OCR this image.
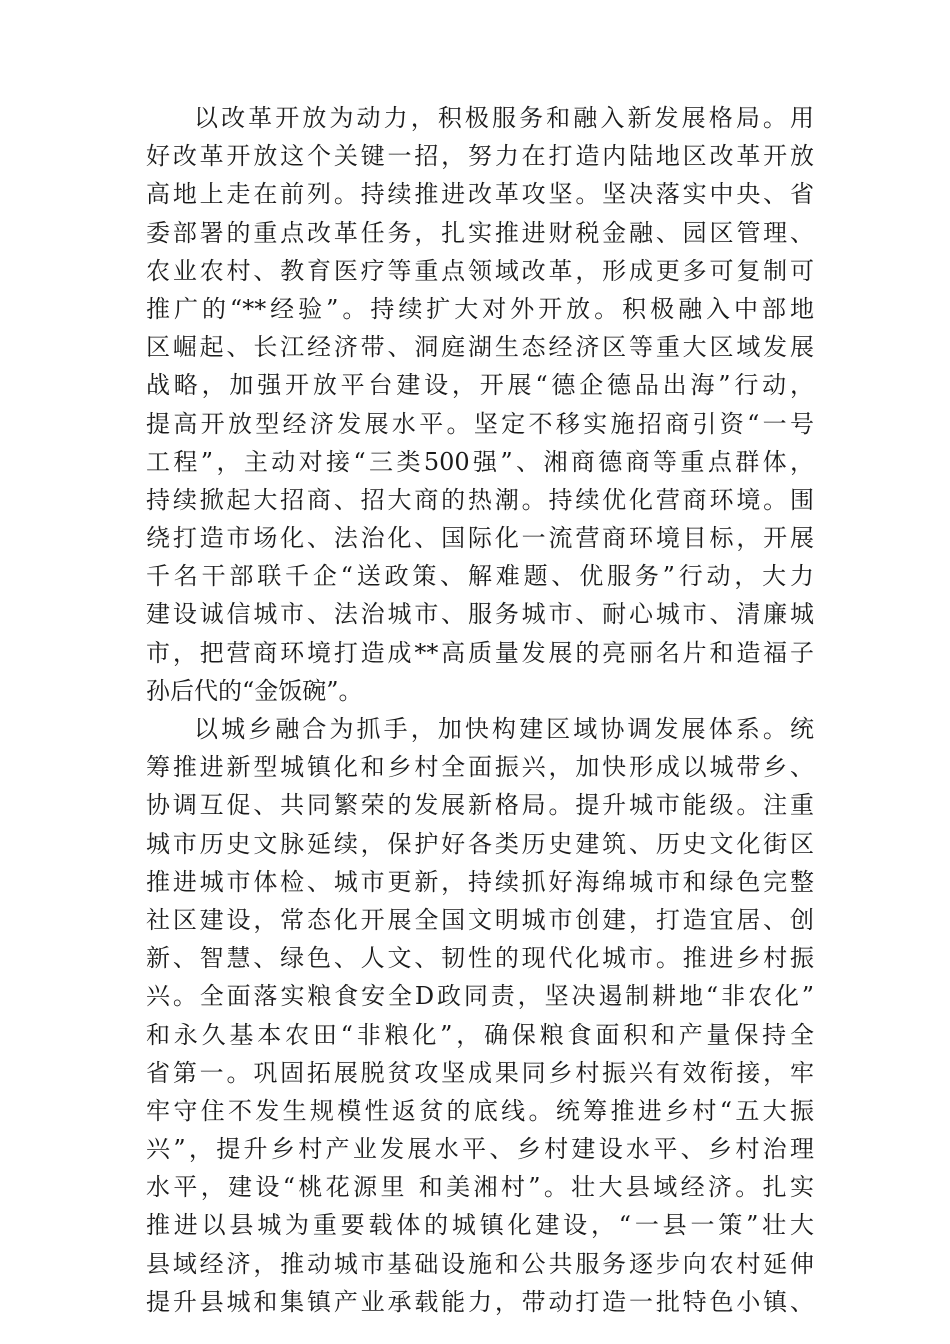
以改革开放为动力，积极服务和融入新发展格局。用
好改革开放这个关键一招，努力在打造内陆地区改革开放
高地上走在前列。持续推进改革攻坚。坚决落实中央、省
委部署的重点改革任务，扎实推进财税金融、园区管理、
农业农村、教育医疗等重点领域改革，形成更多可复制可
推广的“**经验”。持续扩大对外开放。积极融入中部地
区崛起、长江经济带、洞庭湖生态经济区等重大区域发展
战略，加强开放平台建设，开展“德企德品出海”行动，
提高开放型经济发展水平。坚定不移实施招商引资“一号
工程”，主动对接“三类500强”、湘商德商等重点群体，
持续掀起大招商、招大商的热潮。持续优化营商环境。围
绕打造市场化、法治化、国际化一流营商环境目标，开展
千名干部联千企“送政策、解难题、优服务”行动，大力
建设诚信城市、法治城市、服务城市、耐心城市、清廉城
市，把营商环境打造成**高质量发展的亮丽名片和造福子
孙后代的“金饭碗”。
以城乡融合为抓手，加快构建区域协调发展体系。统
筹推进新型城镇化和乡村全面振兴，加快形成以城带乡、
协调互促、共同繁荣的发展新格局。提升城市能级。注重
城市历史文脉延续，保护好各类历史建筑、历史文化街区
推进城市体检、城市更新，持续抓好海绵城市和绿色完整
社区建设，常态化开展全国文明城市创建，打造宜居、创
新、智慧、绿色、人文、韧性的现代化城市。推进乡村振
兴。全面落实粮食安全D政同责，坚决遏制耕地“非农化”
和永久基本农田“非粮化”，确保粮食面积和产量保持全
省第一。巩固拓展脱贫攻坚成果同乡村振兴有效衔接，牢
牢守住不发生规模性返贫的底线。统筹推进乡村“五大振
兴”，提升乡村产业发展水平、乡村建设水平、乡村治理
水平，建设“桃花源里 和美湘村”。壮大县域经济。扎实
推进以县城为重要载体的城镇化建设，“一县一策”壮大
县域经济，推动城市基础设施和公共服务逐步向农村延伸
提升县城和集镇产业承载能力，带动打造一批特色小镇、
